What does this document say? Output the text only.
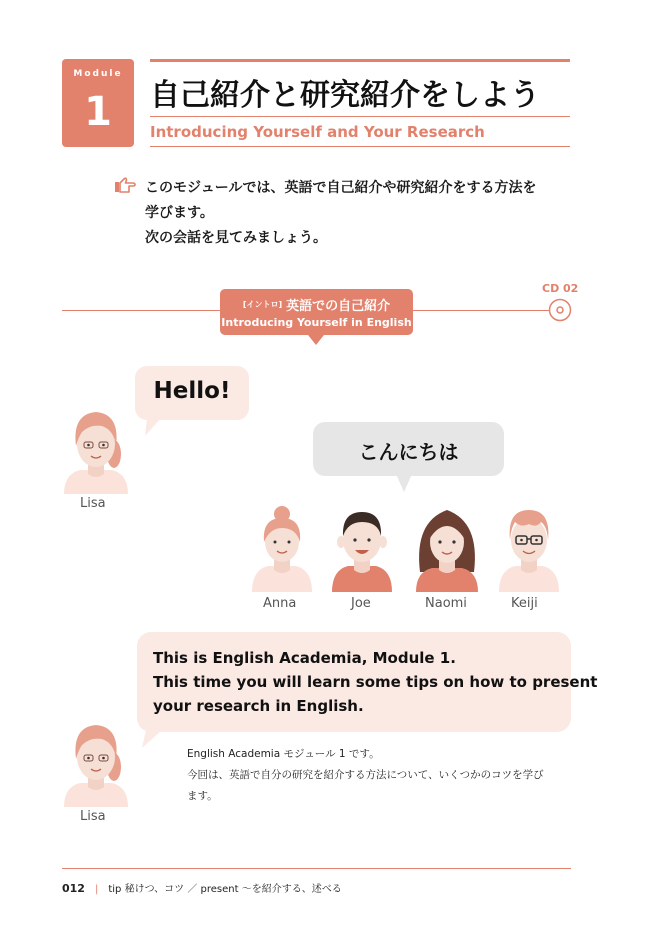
Module
1	自己紹介と研究紹介をしよう
Introducing Yourself and Your Research
このモジュールでは、英語で自己紹介や研究紹介をする方法を
学びます。
次の会話を見てみましょう。
[イントロ] 英語での自己紹介
Introducing Yourself in English
CD 02
Hello!
こんにちは
Lisa
Anna	Joe	Naomi	Keiji
This is English Academia, Module 1.
This time you will learn some tips on how to present
your research in English.
Lisa
English Academia モジュール 1 です。
今回は、英語で自分の研究を紹介する方法について、いくつかのコツを学び
ます。
012 | tip 秘けつ、コツ ／ present ～を紹介する、述べる
